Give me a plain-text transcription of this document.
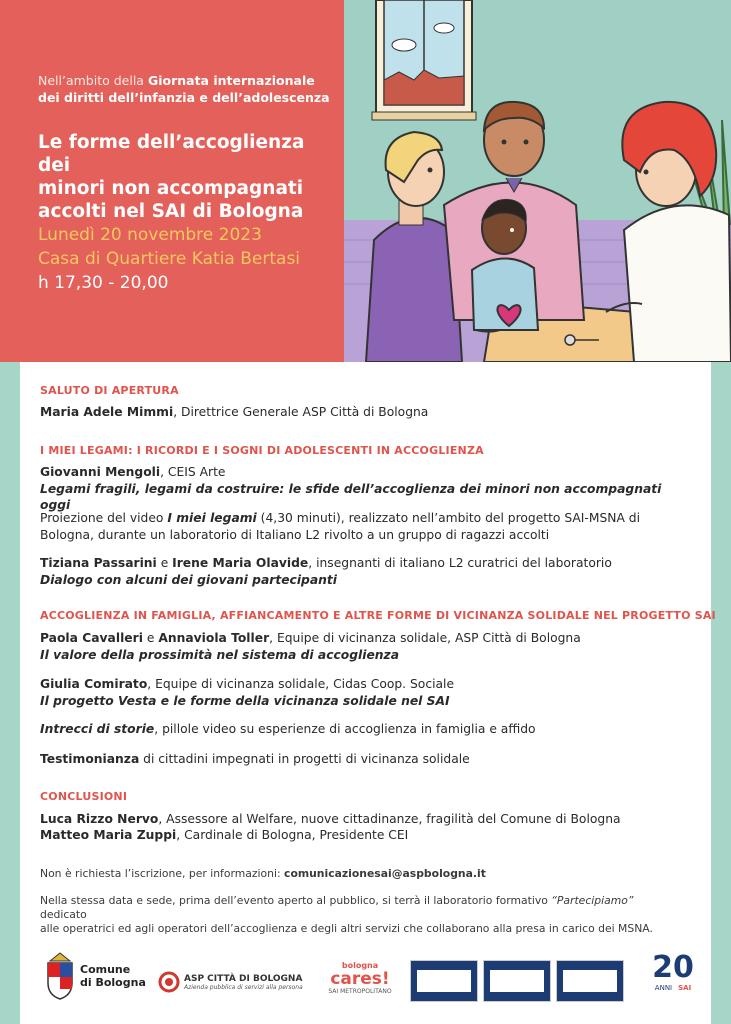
Nell’ambito della Giornata internazionale
dei diritti dell’infanzia e dell’adolescenza
Le forme dell’accoglienza dei
minori non accompagnati
accolti nel SAI di Bologna
Lunedì 20 novembre 2023
Casa di Quartiere Katia Bertasi
h 17,30 - 20,00
SALUTO DI APERTURA
Maria Adele Mimmi, Direttrice Generale ASP Città di Bologna
I MIEI LEGAMI: I RICORDI E I SOGNI DI ADOLESCENTI IN ACCOGLIENZA
Giovanni Mengoli, CEIS Arte
Legami fragili, legami da costruire: le sfide dell’accoglienza dei minori non accompagnati oggi
Proiezione del video I miei legami (4,30 minuti), realizzato nell’ambito del progetto SAI-MSNA di
Bologna, durante un laboratorio di Italiano L2 rivolto a un gruppo di ragazzi accolti
Tiziana Passarini e Irene Maria Olavide, insegnanti di italiano L2 curatrici del laboratorio
Dialogo con alcuni dei giovani partecipanti
ACCOGLIENZA IN FAMIGLIA, AFFIANCAMENTO E ALTRE FORME DI VICINANZA SOLIDALE NEL PROGETTO SAI
Paola Cavalleri e Annaviola Toller, Equipe di vicinanza solidale, ASP Città di Bologna
Il valore della prossimità nel sistema di accoglienza
Giulia Comirato, Equipe di vicinanza solidale, Cidas Coop. Sociale
Il progetto Vesta e le forme della vicinanza solidale nel SAI
Intrecci di storie, pillole video su esperienze di accoglienza in famiglia e affido
Testimonianza di cittadini impegnati in progetti di vicinanza solidale
CONCLUSIONI
Luca Rizzo Nervo, Assessore al Welfare, nuove cittadinanze, fragilità del Comune di Bologna
Matteo Maria Zuppi, Cardinale di Bologna, Presidente CEI
Non è richiesta l’iscrizione, per informazioni: comunicazionesai@aspbologna.it
Nella stessa data e sede, prima dell’evento aperto al pubblico, si terrà il laboratorio formativo “Partecipiamo” dedicato
alle operatrici ed agli operatori dell’accoglienza e degli altri servizi che collaborano alla presa in carico dei MSNA.
Comune
di Bologna	ASP CITTÀ DI BOLOGNA
Azienda pubblica di servizi alla persona
bologna
cares!
SAI METROPOLITANO
20
ANNI SAI
